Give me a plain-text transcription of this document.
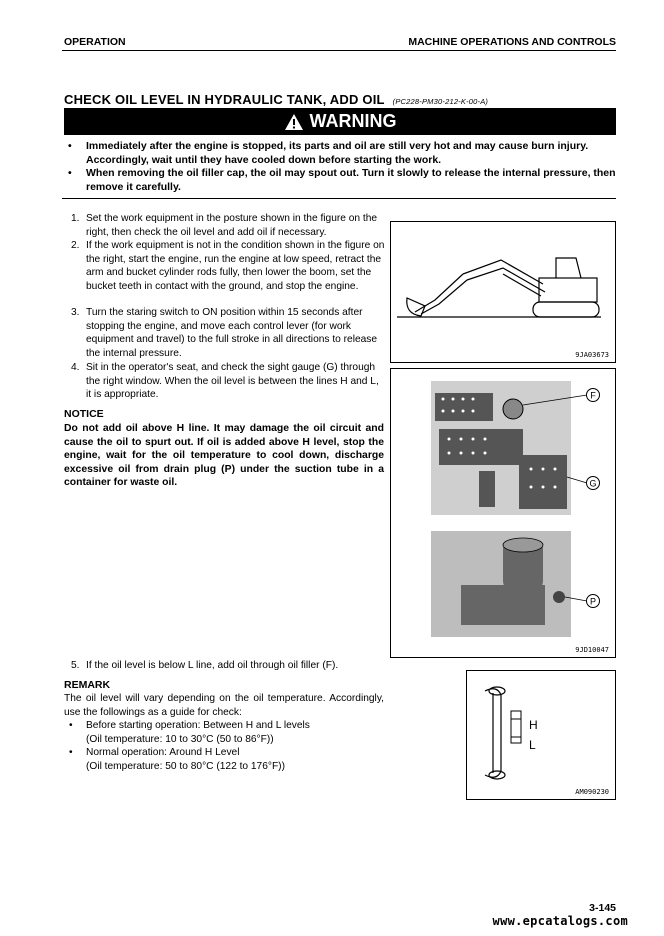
OPERATION	MACHINE OPERATIONS AND CONTROLS
CHECK OIL LEVEL IN HYDRAULIC TANK, ADD OIL (PC228-PM30-212-K-00-A)
WARNING
• Immediately after the engine is stopped, its parts and oil are still very hot and may cause burn injury. Accordingly, wait until they have cooled down before starting the work.
• When removing the oil filler cap, the oil may spout out. Turn it slowly to release the internal pressure, then remove it carefully.
1. Set the work equipment in the posture shown in the figure on the right, then check the oil level and add oil if necessary.
2. If the work equipment is not in the condition shown in the figure on the right, start the engine, run the engine at low speed, retract the arm and bucket cylinder rods fully, then lower the boom, set the bucket teeth in contact with the ground, and stop the engine.
3. Turn the staring switch to ON position within 15 seconds after stopping the engine, and move each control lever (for work equipment and travel) to the full stroke in all directions to release the internal pressure.
4. Sit in the operator's seat, and check the sight gauge (G) through the right window. When the oil level is between the lines H and L, it is appropriate.
NOTICE
Do not add oil above H line. It may damage the oil circuit and cause the oil to spurt out. If oil is added above H level, stop the engine, wait for the oil temperature to cool down, discharge excessive oil from drain plug (P) under the suction tube in a container for waste oil.
5. If the oil level is below L line, add oil through oil filler (F).
REMARK
The oil level will vary depending on the oil temperature. Accordingly, use the followings as a guide for check:
• Before starting operation: Between H and L levels
(Oil temperature: 10 to 30°C (50 to 86°F))
• Normal operation: Around H Level
(Oil temperature: 50 to 80°C (122 to 176°F))
9JA03673
F
G
P
9JD10047
H
L
AM090230
3-145
www.epcatalogs.com
